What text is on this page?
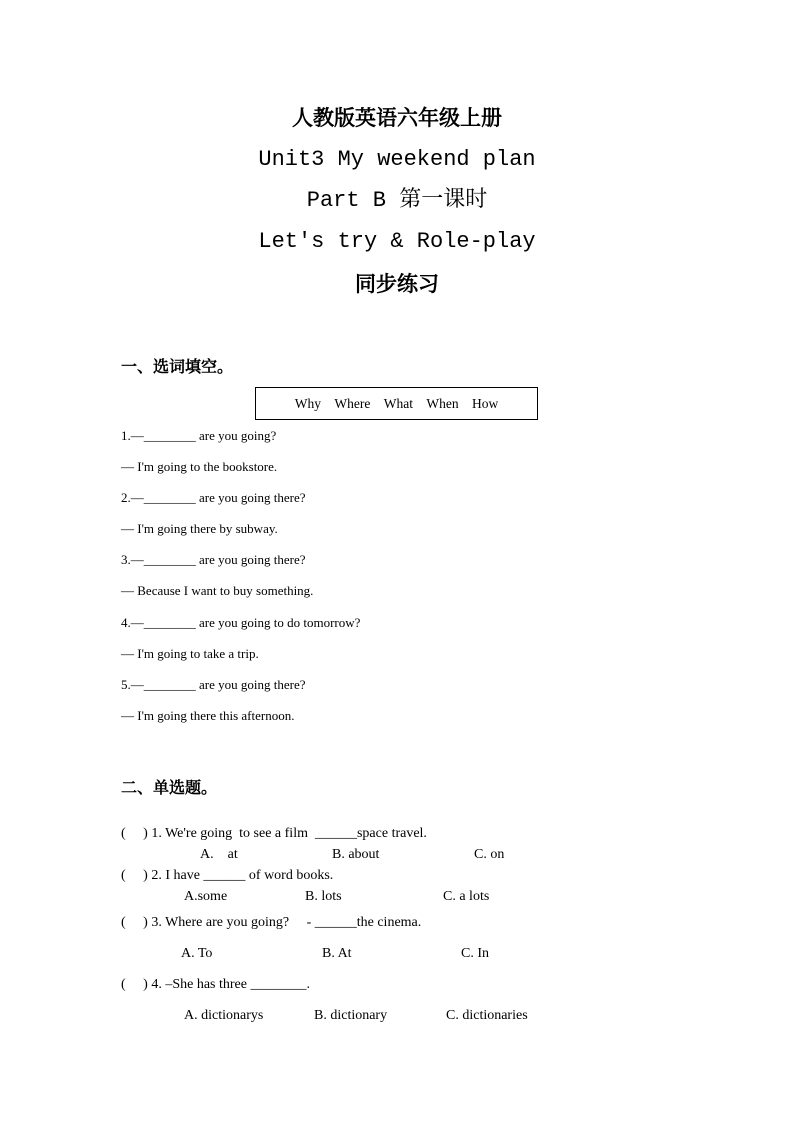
人教版英语六年级上册
Unit3 My weekend plan
Part B 第一课时
Let's try & Role-play
同步练习
一、选词填空。
Why Where What When How
1.—________ are you going?
— I'm going to the bookstore.
2.—________ are you going there?
— I'm going there by subway.
3.—________ are you going there?
— Because I want to buy something.
4.—________ are you going to do tomorrow?
— I'm going to take a trip.
5.—________ are you going there?
— I'm going there this afternoon.
二、单选题。
(     ) 1. We're going  to see a film  ______space travel.
A.    at	B. about	C. on
(     ) 2. I have ______ of word books.
A.some	B. lots	C. a lots
(     ) 3. Where are you going?     - ______the cinema.
A. To	B. At	C. In
(     ) 4. –She has three ________.
A. dictionarys	B. dictionary	C. dictionaries
